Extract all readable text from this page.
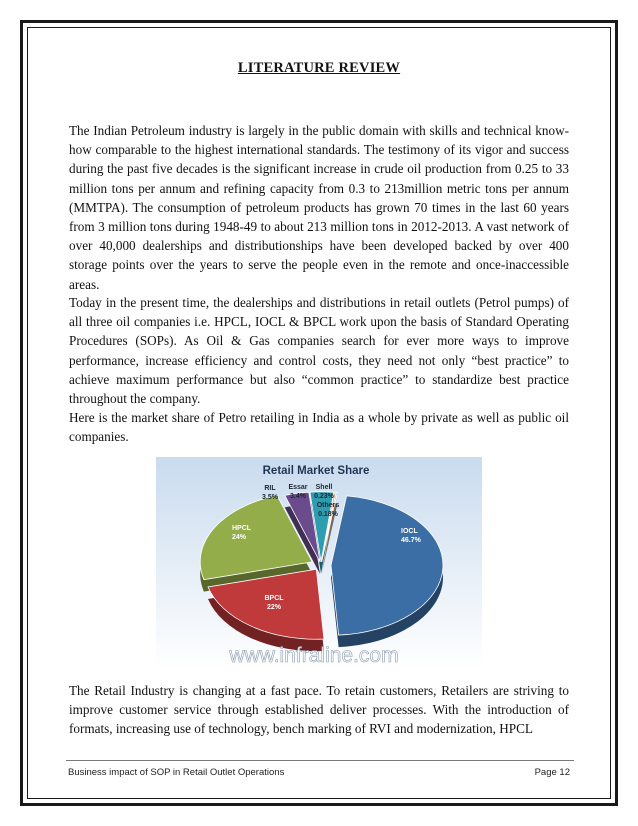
LITERATURE REVIEW

The Indian Petroleum industry is largely in the public domain with skills and technical know-how comparable to the highest international standards. The testimony of its vigor and success during the past five decades is the significant increase in crude oil production from 0.25 to 33 million tons per annum and refining capacity from 0.3 to 213million metric tons per annum (MMTPA). The consumption of petroleum products has grown 70 times in the last 60 years from 3 million tons during 1948-49 to about 213 million tons in 2012-2013. A vast network of over 40,000 dealerships and distributionships have been developed backed by over 400 storage points over the years to serve the people even in the remote and once-inaccessible areas.

Today in the present time, the dealerships and distributions in retail outlets (Petrol pumps) of all three oil companies i.e. HPCL, IOCL & BPCL work upon the basis of Standard Operating Procedures (SOPs). As Oil & Gas companies search for ever more ways to improve performance, increase efficiency and control costs, they need not only “best practice” to achieve maximum performance but also “common practice” to standardize best practice throughout the company.

Here is the market share of Petro retailing in India as a whole by private as well as public oil companies.

Retail Market Share
IOCL
46.7%
BPCL
22%
HPCL
24%
RIL
3.5%
Essar
3.4%
Shell
0.23%
Others
0.18%
www.infraline.com

The Retail Industry is changing at a fast pace. To retain customers, Retailers are striving to improve customer service through established deliver processes. With the introduction of formats, increasing use of technology, bench marking of RVI and modernization, HPCL

Business impact of SOP in Retail Outlet Operations	Page 12
